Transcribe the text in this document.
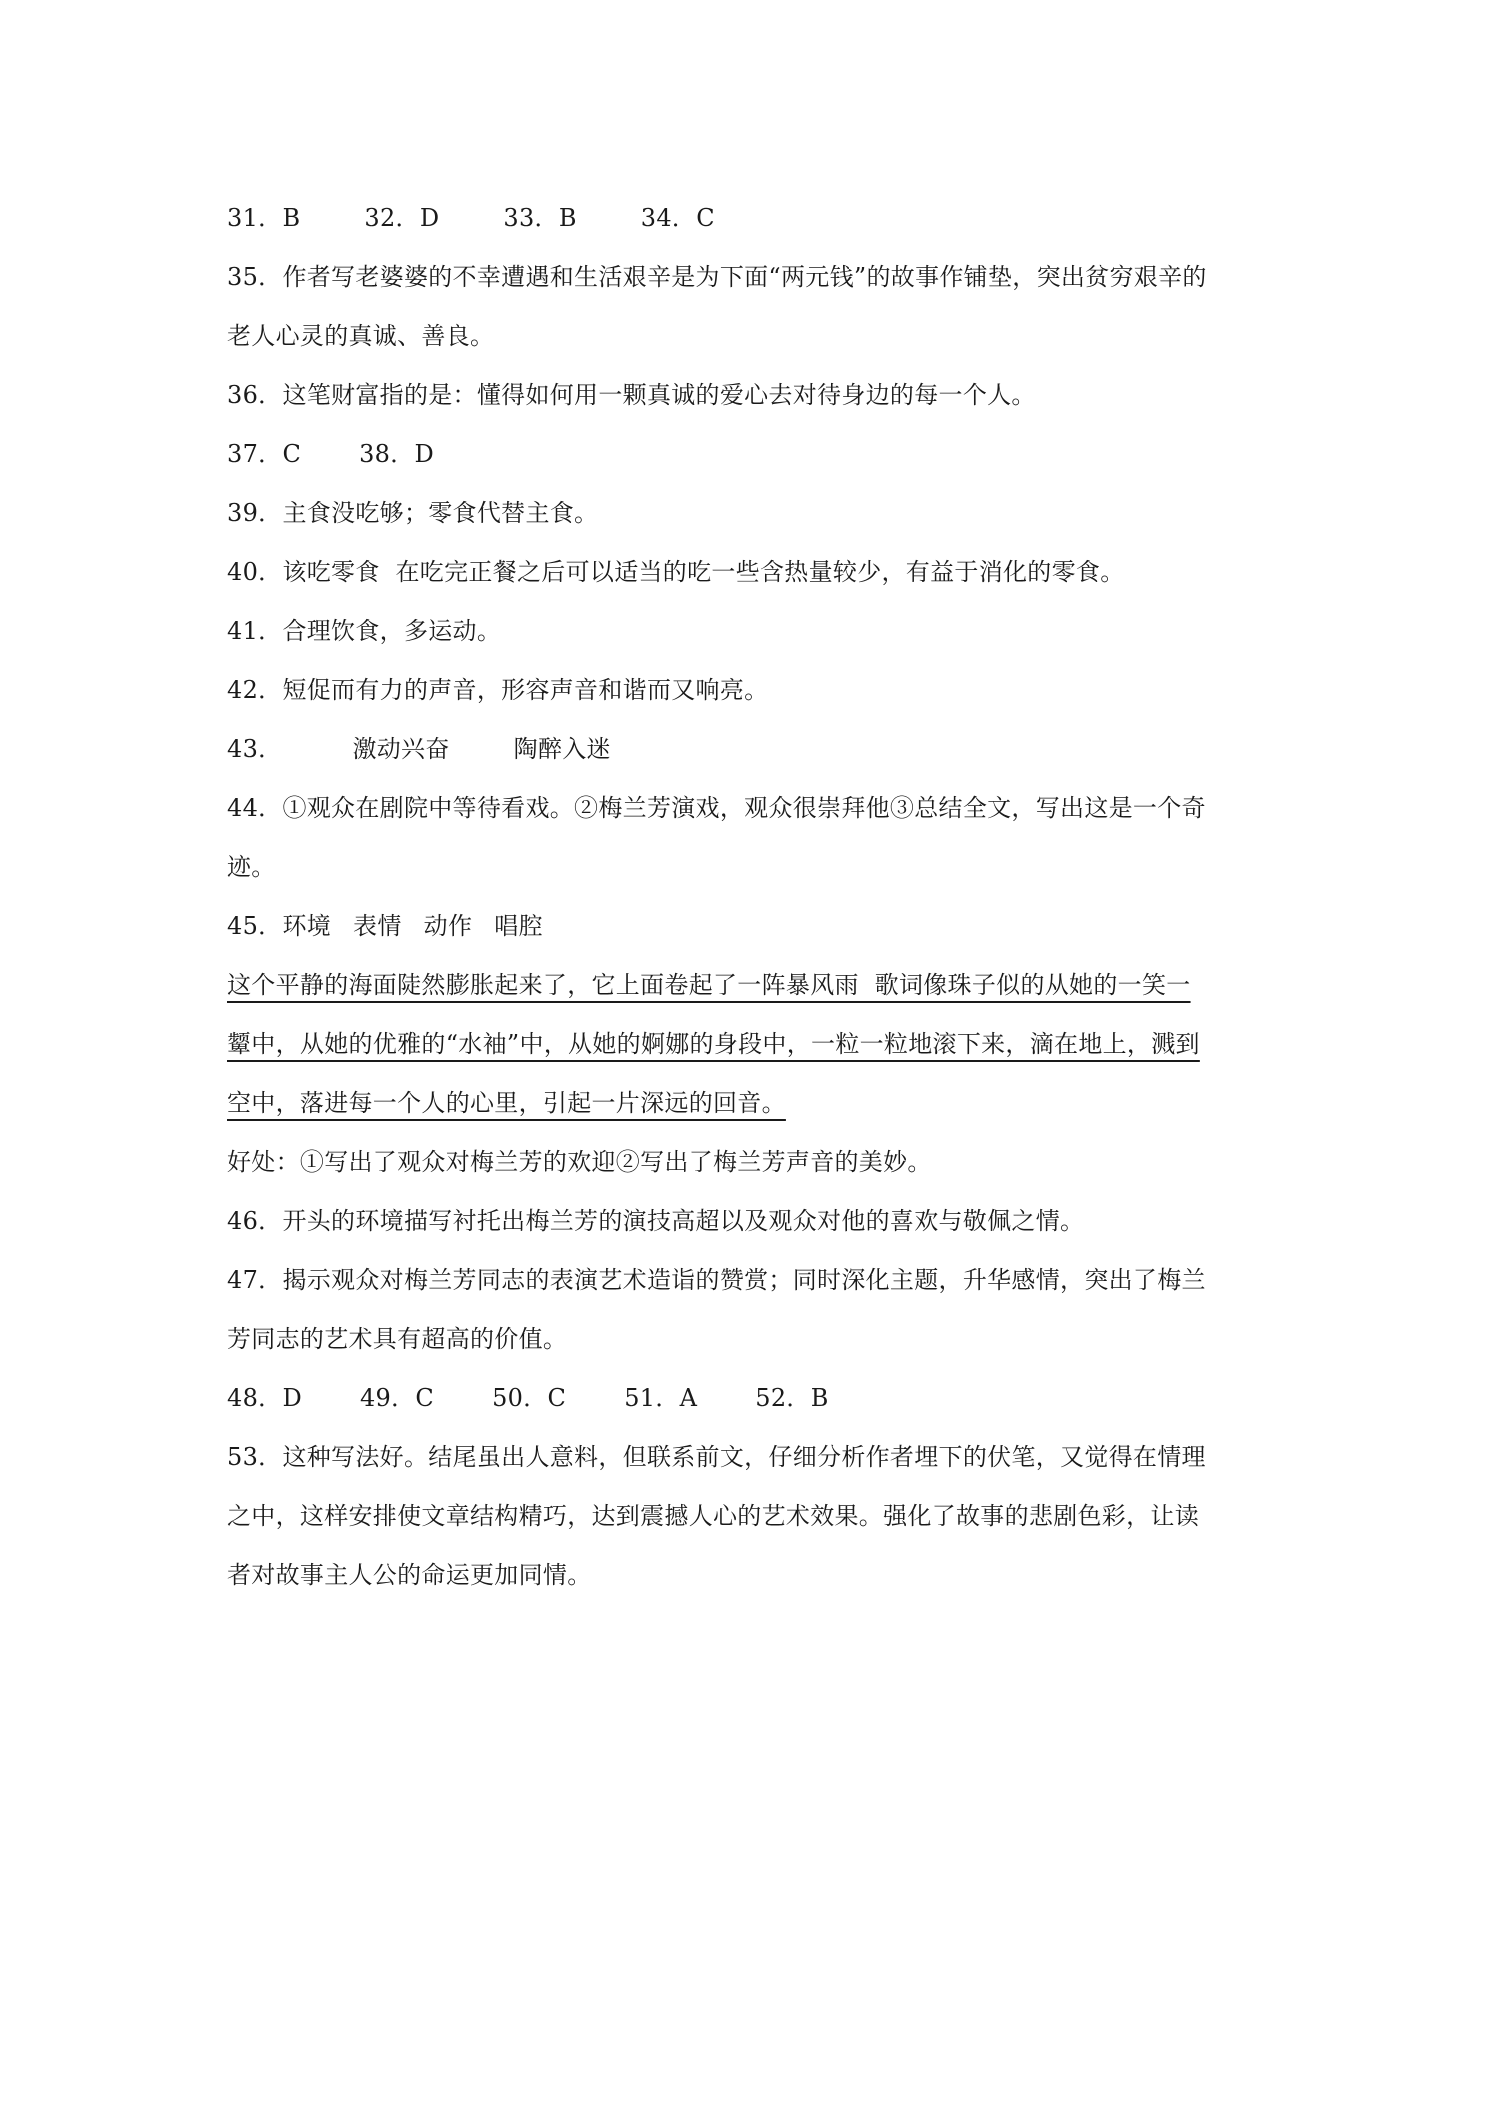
31．B	32．D	33．B	34．C
35．作者写老婆婆的不幸遭遇和生活艰辛是为下面“两元钱”的故事作铺垫，突出贫穷艰辛的
老人心灵的真诚、善良。
36．这笔财富指的是：懂得如何用一颗真诚的爱心去对待身边的每一个人。
37．C 38．D
39．主食没吃够；零食代替主食。
40．该吃零食  在吃完正餐之后可以适当的吃一些含热量较少，有益于消化的零食。
41．合理饮食，多运动。
42．短促而有力的声音，形容声音和谐而又响亮。
43．	激动兴奋	陶醉入迷
44．①观众在剧院中等待看戏。②梅兰芳演戏，观众很崇拜他③总结全文，写出这是一个奇
迹。
45．环境 表情 动作 唱腔
这个平静的海面陡然膨胀起来了，它上面卷起了一阵暴风雨  歌词像珠子似的从她的一笑一
颦中，从她的优雅的“水袖”中，从她的婀娜的身段中，一粒一粒地滚下来，滴在地上，溅到
空中，落进每一个人的心里，引起一片深远的回音。
好处：①写出了观众对梅兰芳的欢迎②写出了梅兰芳声音的美妙。
46．开头的环境描写衬托出梅兰芳的演技高超以及观众对他的喜欢与敬佩之情。
47．揭示观众对梅兰芳同志的表演艺术造诣的赞赏；同时深化主题，升华感情，突出了梅兰
芳同志的艺术具有超高的价值。
48．D 49．C 50．C 51．A 52．B
53．这种写法好。结尾虽出人意料，但联系前文，仔细分析作者埋下的伏笔，又觉得在情理
之中，这样安排使文章结构精巧，达到震撼人心的艺术效果。强化了故事的悲剧色彩，让读
者对故事主人公的命运更加同情。
